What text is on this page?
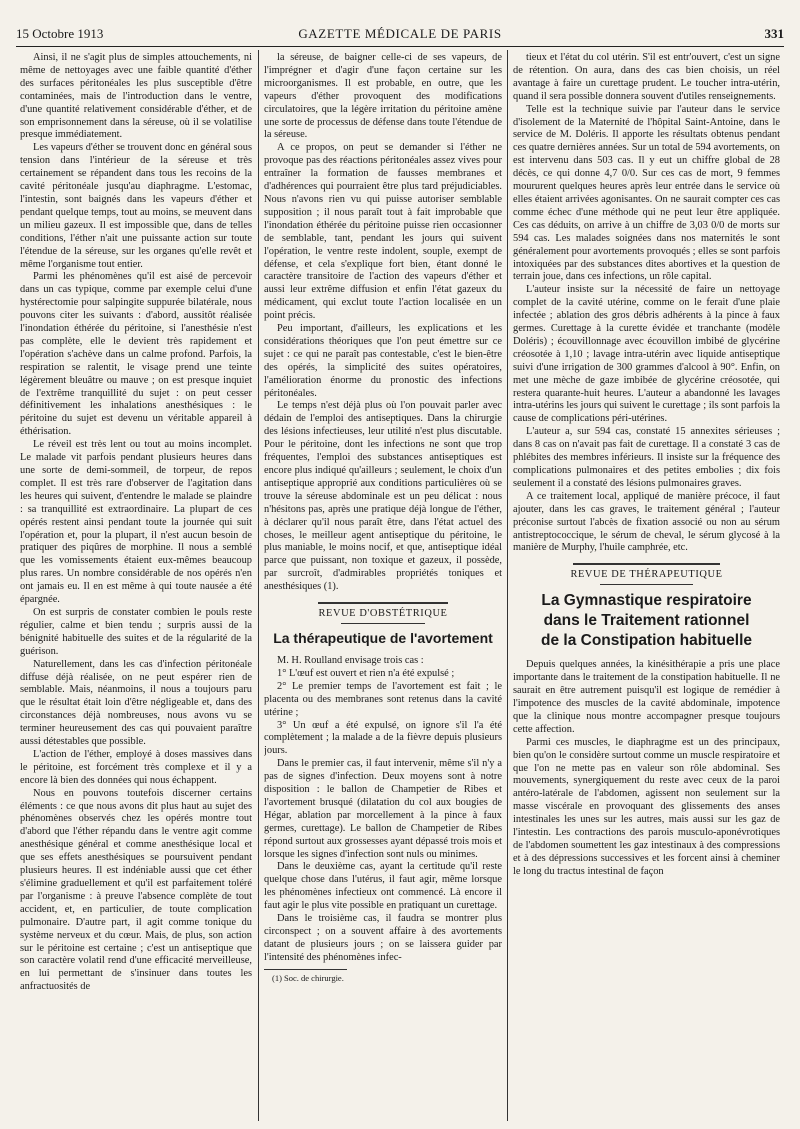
15 Octobre 1913	GAZETTE MÉDICALE DE PARIS	331

Ainsi, il ne s'agit plus de simples attouchements, ni même de nettoyages avec une faible quantité d'éther des surfaces péritonéales les plus susceptible d'être contaminées, mais de l'introduction dans le ventre, d'une quantité relativement considérable d'éther, et de son emprisonnement dans la séreuse, où il se volatilise presque immédiatement.

Les vapeurs d'éther se trouvent donc en général sous tension dans l'intérieur de la séreuse et très certainement se répandent dans tous les recoins de la cavité péritonéale jusqu'au diaphragme. L'estomac, l'intestin, sont baignés dans les vapeurs d'éther et pendant quelque temps, tout au moins, se meuvent dans un milieu gazeux. Il est impossible que, dans de telles conditions, l'éther n'ait une puissante action sur toute l'étendue de la séreuse, sur les organes qu'elle revêt et même l'organisme tout entier.

Parmi les phénomènes qu'il est aisé de percevoir dans un cas typique, comme par exemple celui d'une hystérectomie pour salpingite suppurée bilatérale, nous pouvons citer les suivants : d'abord, aussitôt réalisée l'inondation éthérée du péritoine, si l'anesthésie n'est pas complète, elle le devient très rapidement et l'opération s'achève dans un calme profond. Parfois, la respiration se ralentit, le visage prend une teinte légèrement bleuâtre ou mauve ; on est presque inquiet de l'extrême tranquillité du sujet : on peut cesser définitivement les inhalations anesthésiques : le péritoine du sujet est devenu un véritable appareil à éthérisation.

Le réveil est très lent ou tout au moins incomplet. Le malade vit parfois pendant plusieurs heures dans une sorte de demi-sommeil, de torpeur, de repos complet. Il est très rare d'observer de l'agitation dans les heures qui suivent, d'entendre le malade se plaindre : sa tranquillité est extraordinaire. La plupart de ces opérés restent ainsi pendant toute la journée qui suit l'opération et, pour la plupart, il n'est aucun besoin de pratiquer des piqûres de morphine. Il nous a semblé que les vomissements étaient eux-mêmes beaucoup plus rares. Un nombre considérable de nos opérés n'en ont jamais eu. Il en est même à qui toute nausée a été épargnée.

On est surpris de constater combien le pouls reste régulier, calme et bien tendu ; surpris aussi de la bénignité habituelle des suites et de la régularité de la guérison.

Naturellement, dans les cas d'infection péritonéale diffuse déjà réalisée, on ne peut espérer rien de semblable. Mais, néanmoins, il nous a toujours paru que le résultat était loin d'être négligeable et, dans des circonstances déjà nombreuses, nous avons vu se terminer heureusement des cas qui pouvaient paraître aussi détestables que possible.

L'action de l'éther, employé à doses massives dans le péritoine, est forcément très complexe et il y a encore là bien des données qui nous échappent.

Nous en pouvons toutefois discerner certains éléments : ce que nous avons dit plus haut au sujet des phénomènes observés chez les opérés montre tout d'abord que l'éther répandu dans le ventre agit comme anesthésique général et comme anesthésique local et que ses effets anesthésiques se poursuivent pendant plusieurs heures. Il est indéniable aussi que cet éther s'élimine graduellement et qu'il est parfaitement toléré par l'organisme : à preuve l'absence complète de tout accident, et, en particulier, de toute complication pulmonaire. D'autre part, il agit comme tonique du système nerveux et du cœur. Mais, de plus, son action sur le péritoine est certaine ; c'est un antiseptique que son caractère volatil rend d'une efficacité merveilleuse, en lui permettant de s'insinuer dans toutes les anfractuosités de

la séreuse, de baigner celle-ci de ses vapeurs, de l'imprégner et d'agir d'une façon certaine sur les microorganismes. Il est probable, en outre, que les vapeurs d'éther provoquent des modifications circulatoires, que la légère irritation du péritoine amène une sorte de processus de défense dans toute l'étendue de la séreuse.

A ce propos, on peut se demander si l'éther ne provoque pas des réactions péritonéales assez vives pour entraîner la formation de fausses membranes et d'adhérences qui pourraient être plus tard préjudiciables. Nous n'avons rien vu qui puisse autoriser semblable supposition ; il nous paraît tout à fait improbable que l'inondation éthérée du péritoine puisse rien occasionner de semblable, tant, pendant les jours qui suivent l'opération, le ventre reste indolent, souple, exempt de défense, et cela s'explique fort bien, étant donné le caractère transitoire de l'action des vapeurs d'éther et aussi leur extrême diffusion et enfin l'état gazeux du médicament, qui exclut toute l'action localisée en un point précis.

Peu important, d'ailleurs, les explications et les considérations théoriques que l'on peut émettre sur ce sujet : ce qui ne paraît pas contestable, c'est le bien-être des opérés, la simplicité des suites opératoires, l'amélioration énorme du pronostic des infections péritonéales.

Le temps n'est déjà plus où l'on pouvait parler avec dédain de l'emploi des antiseptiques. Dans la chirurgie des lésions infectieuses, leur utilité n'est plus discutable. Pour le péritoine, dont les infections ne sont que trop fréquentes, l'emploi des substances antiseptiques est encore plus indiqué qu'ailleurs ; seulement, le choix d'un antiseptique approprié aux conditions particulières où se trouve la séreuse abdominale est un peu délicat : nous n'hésitons pas, après une pratique déjà longue de l'éther, à déclarer qu'il nous paraît être, dans l'état actuel des choses, le meilleur agent antiseptique du péritoine, le plus maniable, le moins nocif, et que, antiseptique idéal parce que puissant, non toxique et gazeux, il possède, par surcroît, d'admirables propriétés toniques et anesthésiques (1).

REVUE D'OBSTÉTRIQUE
La thérapeutique de l'avortement

M. H. Roulland envisage trois cas :

1° L'œuf est ouvert et rien n'a été expulsé ;

2° Le premier temps de l'avortement est fait ; le placenta ou des membranes sont retenus dans la cavité utérine ;

3° Un œuf a été expulsé, on ignore s'il l'a été complètement ; la malade a de la fièvre depuis plusieurs jours.

Dans le premier cas, il faut intervenir, même s'il n'y a pas de signes d'infection. Deux moyens sont à notre disposition : le ballon de Champetier de Ribes et l'avortement brusqué (dilatation du col aux bougies de Hégar, ablation par morcellement à la pince à faux germes, curettage). Le ballon de Champetier de Ribes répond surtout aux grossesses ayant dépassé trois mois et lorsque les signes d'infection sont nuls ou minimes.

Dans le deuxième cas, ayant la certitude qu'il reste quelque chose dans l'utérus, il faut agir, même lorsque les phénomènes infectieux ont commencé. Là encore il faut agir le plus vite possible en pratiquant un curettage.

Dans le troisième cas, il faudra se montrer plus circonspect ; on a souvent affaire à des avortements datant de plusieurs jours ; on se laissera guider par l'intensité des phénomènes infec-

(1) Soc. de chirurgie.

tieux et l'état du col utérin. S'il est entr'ouvert, c'est un signe de rétention. On aura, dans des cas bien choisis, un réel avantage à faire un curettage prudent. Le toucher intra-utérin, quand il sera possible donnera souvent d'utiles renseignements.

Telle est la technique suivie par l'auteur dans le service d'isolement de la Maternité de l'hôpital Saint-Antoine, dans le service de M. Doléris. Il apporte les résultats obtenus pendant ces quatre dernières années. Sur un total de 594 avortements, on est intervenu dans 503 cas. Il y eut un chiffre global de 28 décès, ce qui donne 4,7 0/0. Sur ces cas de mort, 9 femmes moururent quelques heures après leur entrée dans le service où elles étaient arrivées agonisantes. On ne saurait compter ces cas comme échec d'une méthode qui ne peut leur être appliquée. Ces cas déduits, on arrive à un chiffre de 3,03 0/0 de morts sur 594 cas. Les malades soignées dans nos maternités le sont généralement pour avortements provoqués ; elles se sont parfois intoxiquées par des substances dites abortives et la question de terrain joue, dans ces infections, un rôle capital.

L'auteur insiste sur la nécessité de faire un nettoyage complet de la cavité utérine, comme on le ferait d'une plaie infectée ; ablation des gros débris adhérents à la pince à faux germes. Curettage à la curette évidée et tranchante (modèle Doléris) ; écouvillonnage avec écouvillon imbibé de glycérine créosotée à 1,10 ; lavage intra-utérin avec liquide antiseptique suivi d'une irrigation de 300 grammes d'alcool à 90°. Enfin, on met une mèche de gaze imbibée de glycérine créosotée, qui restera quarante-huit heures. L'auteur a abandonné les lavages intra-utérins les jours qui suivent le curettage ; ils sont parfois la cause de complications péri-utérines.

L'auteur a, sur 594 cas, constaté 15 annexites sérieuses ; dans 8 cas on n'avait pas fait de curettage. Il a constaté 3 cas de phlébites des membres inférieurs. Il insiste sur la fréquence des complications pulmonaires et des petites embolies ; dix fois seulement il a constaté des lésions pulmonaires graves.

A ce traitement local, appliqué de manière précoce, il faut ajouter, dans les cas graves, le traitement général ; l'auteur préconise surtout l'abcès de fixation associé ou non au sérum antistreptococcique, le sérum de cheval, le sérum glycosé à la manière de Murphy, l'huile camphrée, etc.

REVUE DE THÉRAPEUTIQUE
La Gymnastique respiratoire
dans le Traitement rationnel
de la Constipation habituelle

Depuis quelques années, la kinésithérapie a pris une place importante dans le traitement de la constipation habituelle. Il ne saurait en être autrement puisqu'il est logique de remédier à l'impotence des muscles de la cavité abdominale, impotence que la clinique nous montre accompagner presque toujours cette affection.

Parmi ces muscles, le diaphragme est un des principaux, bien qu'on le considère surtout comme un muscle respiratoire et que l'on ne mette pas en valeur son rôle abdominal. Ses mouvements, synergiquement du reste avec ceux de la paroi antéro-latérale de l'abdomen, agissent non seulement sur la masse viscérale en provoquant des glissements des anses intestinales les unes sur les autres, mais aussi sur les gaz de l'intestin. Les contractions des parois musculo-aponévrotiques de l'abdomen soumettent les gaz intestinaux à des compressions et à des dépressions successives et les forcent ainsi à cheminer le long du tractus intestinal de façon
